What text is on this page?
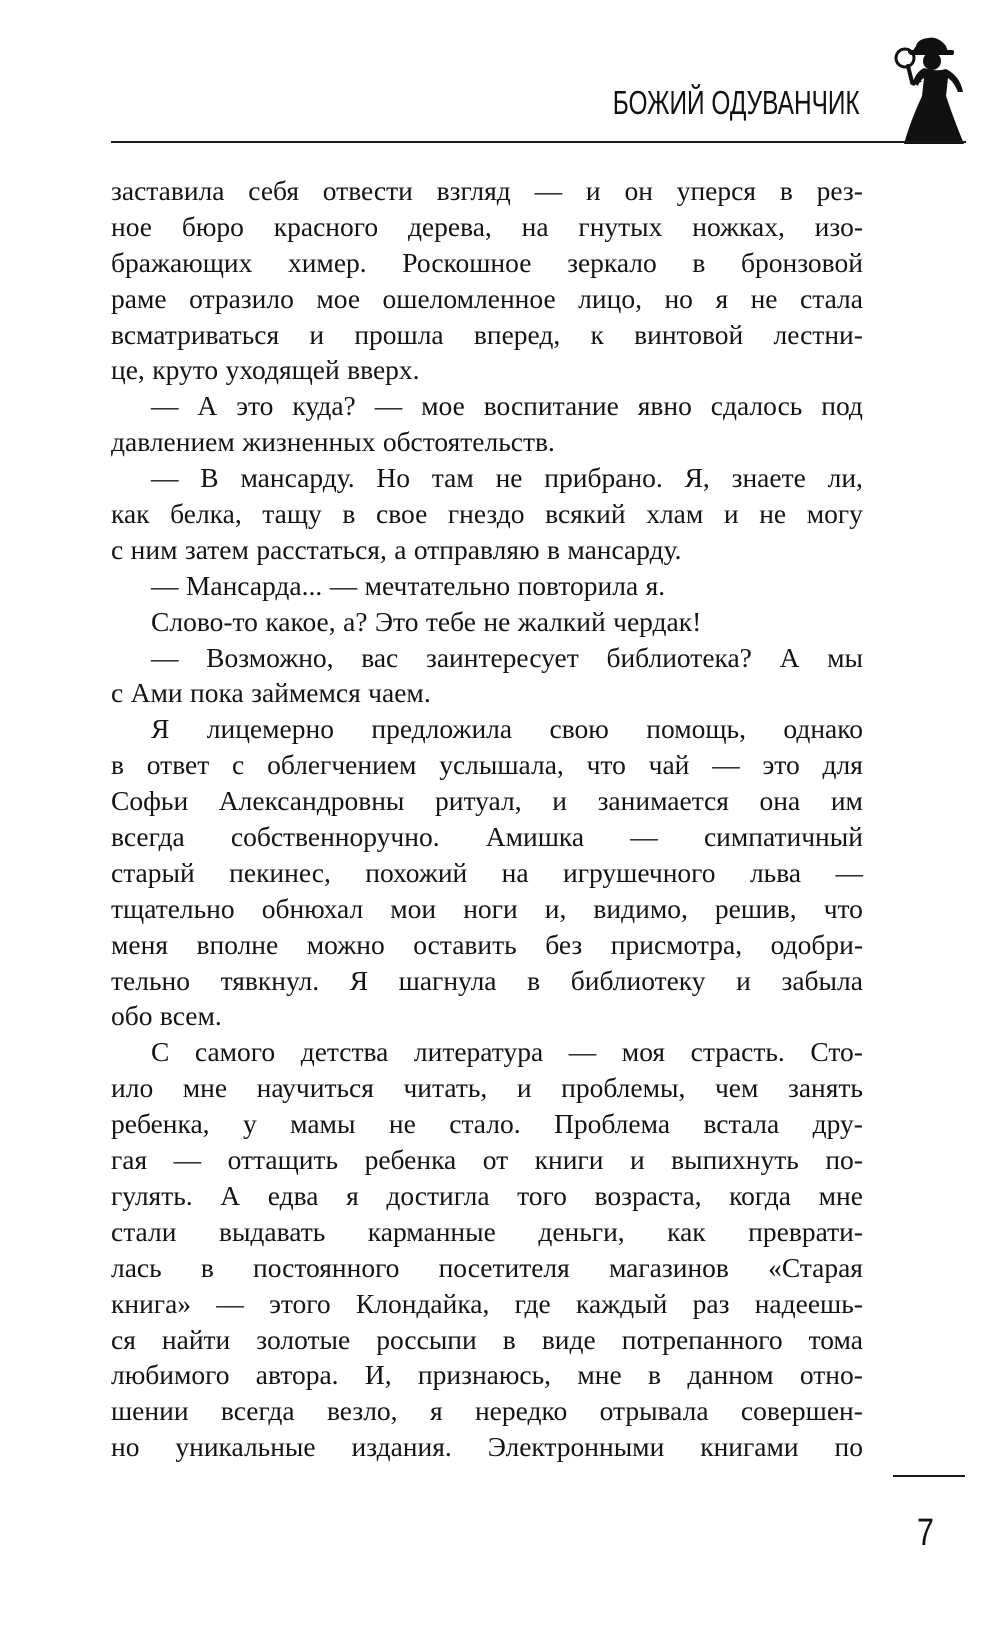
БОЖИЙ ОДУВАНЧИК
заставила себя отвести взгляд — и он уперся в рез-
ное бюро красного дерева, на гнутых ножках, изо-
бражающих химер. Роскошное зеркало в бронзовой
раме отразило мое ошеломленное лицо, но я не стала
всматриваться и прошла вперед, к винтовой лестни-
це, круто уходящей вверх.
— А это куда? — мое воспитание явно сдалось под
давлением жизненных обстоятельств.
— В мансарду. Но там не прибрано. Я, знаете ли,
как белка, тащу в свое гнездо всякий хлам и не могу
с ним затем расстаться, а отправляю в мансарду.
— Мансарда... — мечтательно повторила я.
Слово-то какое, а? Это тебе не жалкий чердак!
— Возможно, вас заинтересует библиотека? А мы
с Ами пока займемся чаем.
Я лицемерно предложила свою помощь, однако
в ответ с облегчением услышала, что чай — это для
Софьи Александровны ритуал, и занимается она им
всегда собственноручно. Амишка — симпатичный
старый пекинес, похожий на игрушечного льва —
тщательно обнюхал мои ноги и, видимо, решив, что
меня вполне можно оставить без присмотра, одобри-
тельно тявкнул. Я шагнула в библиотеку и забыла
обо всем.
С самого детства литература — моя страсть. Сто-
ило мне научиться читать, и проблемы, чем занять
ребенка, у мамы не стало. Проблема встала дру-
гая — оттащить ребенка от книги и выпихнуть по-
гулять. А едва я достигла того возраста, когда мне
стали выдавать карманные деньги, как преврати-
лась в постоянного посетителя магазинов «Старая
книга» — этого Клондайка, где каждый раз надеешь-
ся найти золотые россыпи в виде потрепанного тома
любимого автора. И, признаюсь, мне в данном отно-
шении всегда везло, я нередко отрывала совершен-
но уникальные издания. Электронными книгами по
7
